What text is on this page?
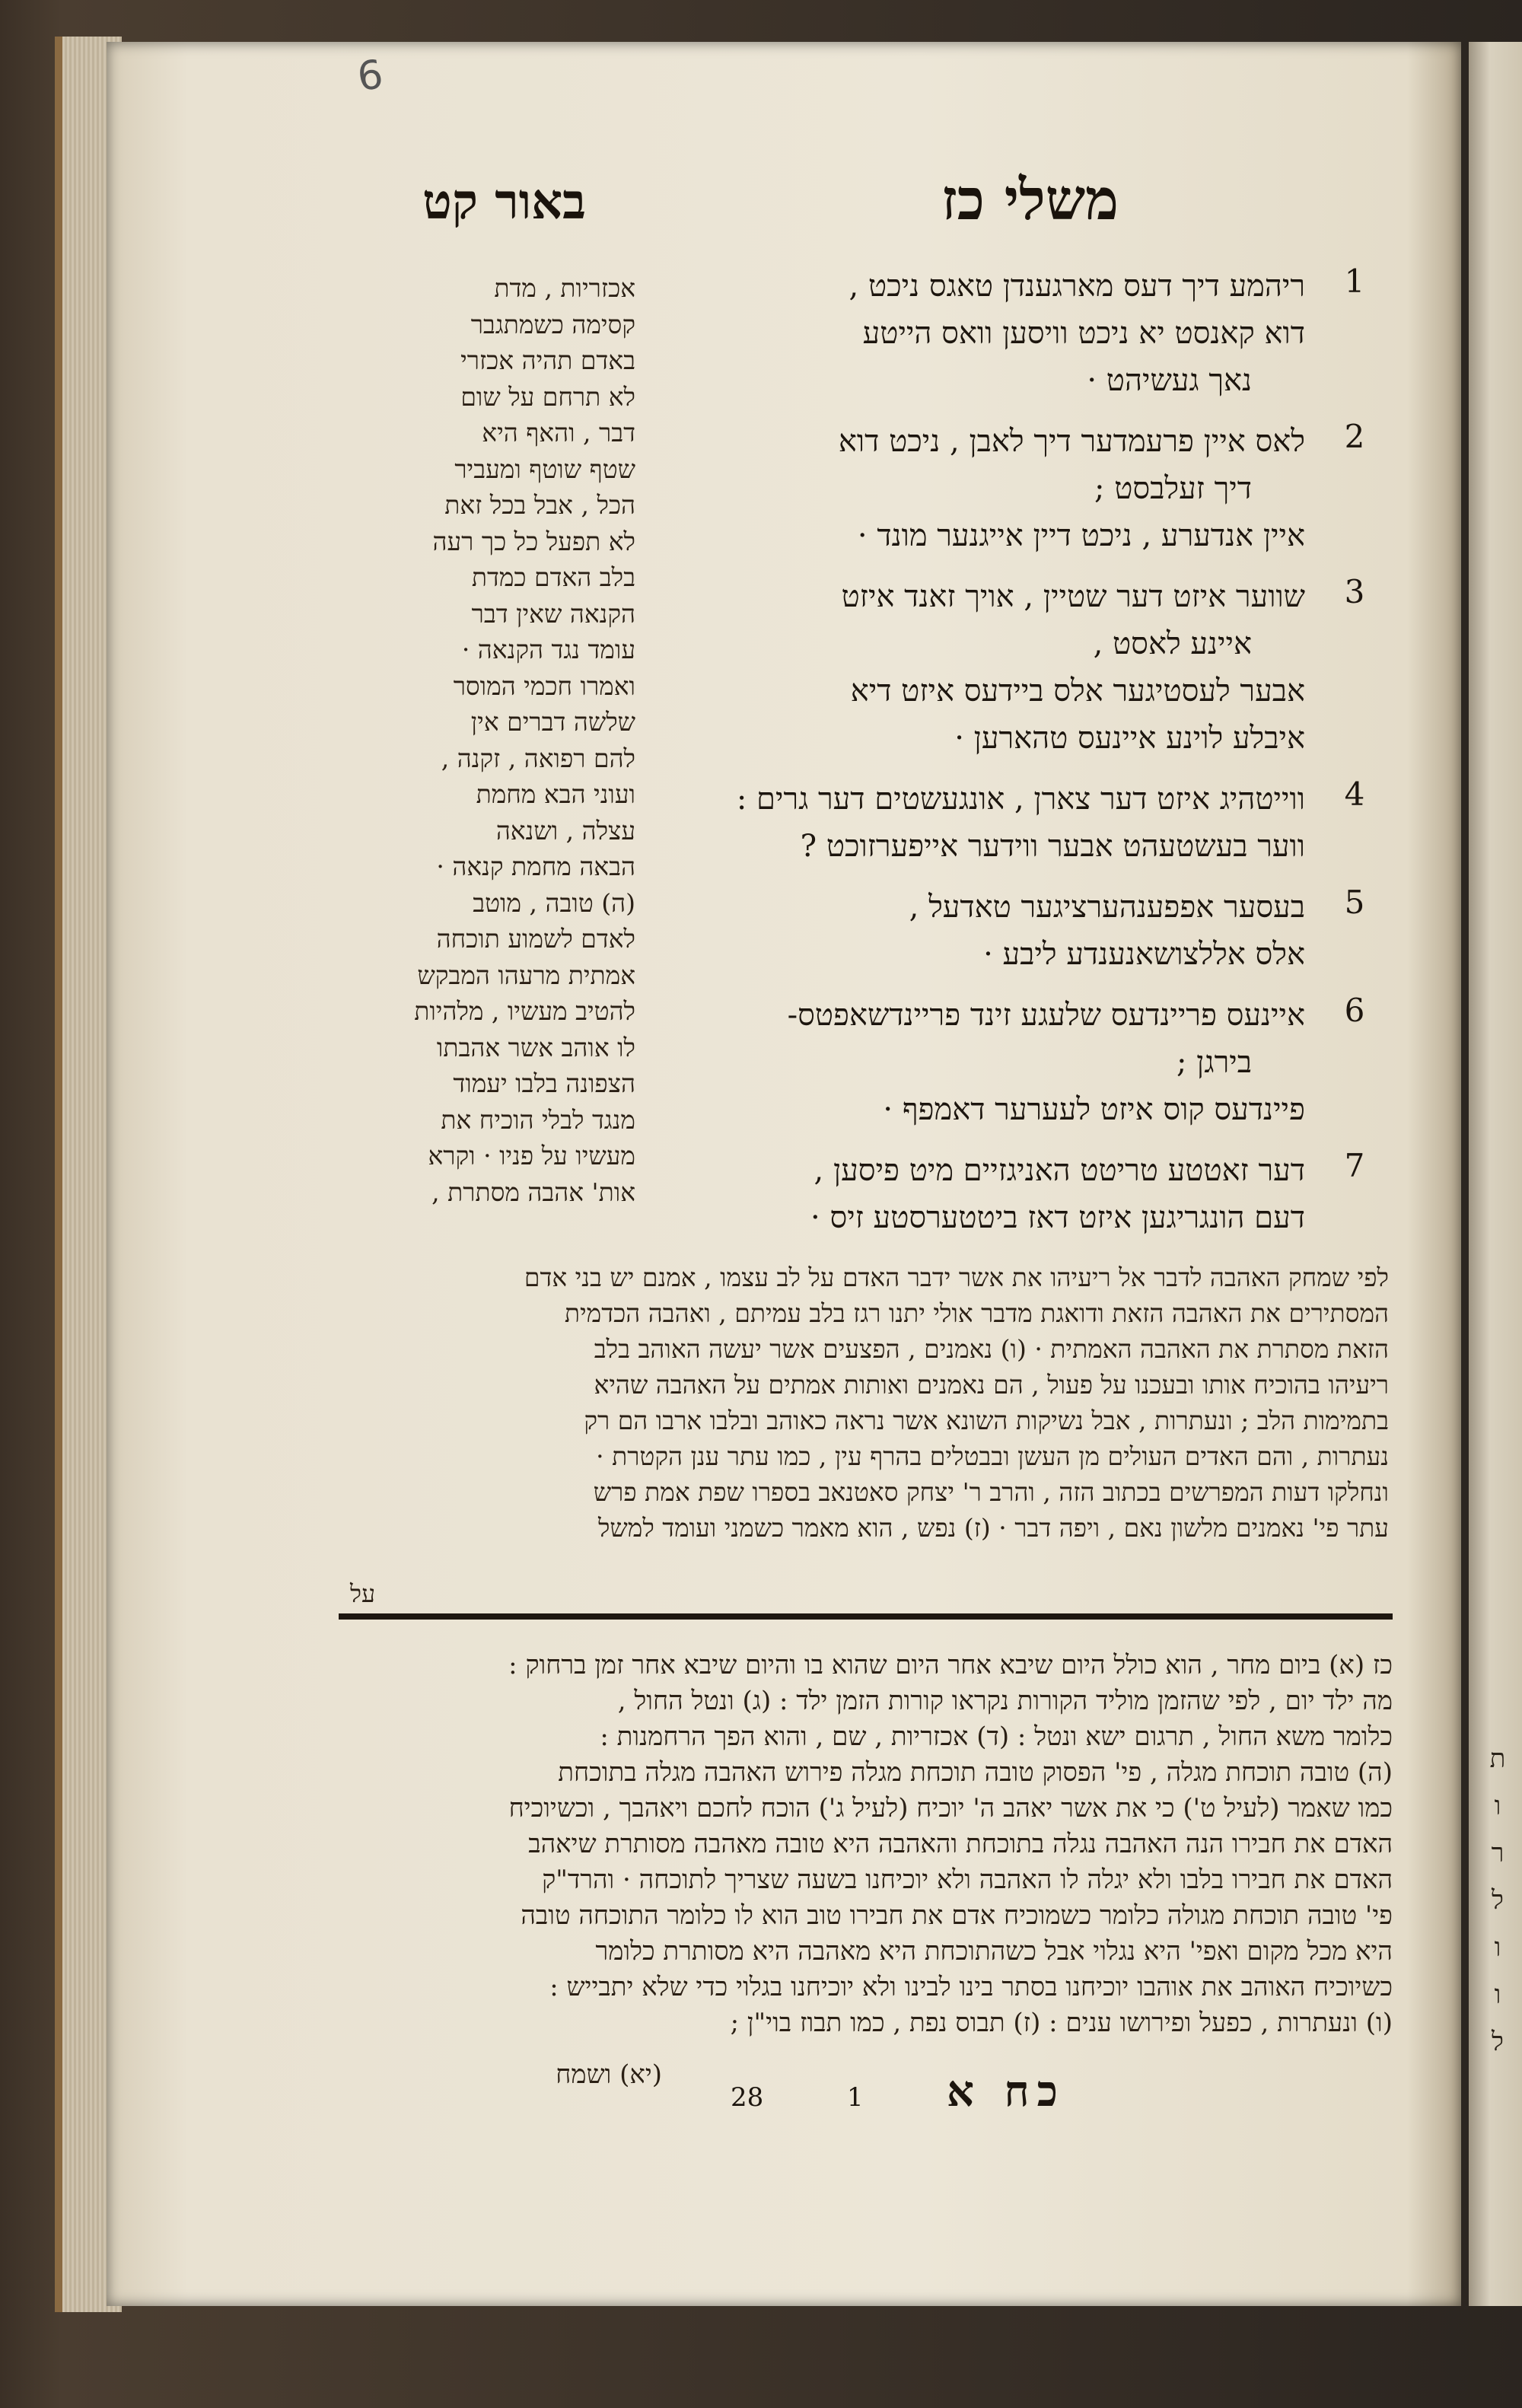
ת
ו
ר
ל
ו
ו
ל
6
משלי כז
באור קט
1
ריהמע דיך דעס מארגענדן טאגס ניכט ,
דוא קאנסט יא ניכט וויסען וואס הייטע
נאך געשיהט ·
2
לאס איין פרעמדער דיך לאבן , ניכט דוא
דיך זעלבסט ;
איין אנדערע , ניכט דיין אייגנער מונד ·
3
שווער איזט דער שטיין , אויך זאנד איזט
איינע לאסט ,
אבער לעסטיגער אלס ביידעס איזט דיא
איבלע לוינע איינעס טהארען ·
4
ווייטהיג איזט דער צארן , אונגעשטים דער גרים :
ווער בעשטעהט אבער ווידער אייפערזוכט ?
5
בעסער אפפענהערציגער טאדעל ,
אלס אללצושאנענדע ליבע ·
6
איינעס פריינדעס שלעגע זינד פריינדשאפטס-
בירגן ;
פיינדעס קוס איזט לעערער דאמפף ·
7
דער זאטטע טריטט האניגזיים מיט פיסען ,
דעם הונגריגען איזט דאז ביטטערסטע זיס ·
אכזריות , מדת
קסימה כשמתגבר
באדם תהיה אכזרי
לא תרחם על שום
דבר , והאף היא
שטף שוטף ומעביר
הכל , אבל בכל זאת
לא תפעל כל כך רעה
בלב האדם כמדת
הקנאה שאין דבר
עומד נגד הקנאה ·
ואמרו חכמי המוסר
שלשה דברים אין
להם רפואה , זקנה ,
ועוני הבא מחמת
עצלה , ושנאה
הבאה מחמת קנאה ·
(ה) טובה , מוטב
לאדם לשמוע תוכחה
אמתית מרעהו המבקש
להטיב מעשיו , מלהיות
לו אוהב אשר אהבתו
הצפונה בלבו יעמוד
מנגד לבלי הוכיח את
מעשיו על פניו · וקרא
אות' אהבה מסתרת ,
לפי שמחק האהבה לדבר אל ריעיהו את אשר ידבר האדם על לב עצמו , אמנם יש בני אדם
המסתירים את האהבה הזאת ודואגת מדבר אולי יתנו רגז בלב עמיתם , ואהבה הכדמית
הזאת מסתרת את האהבה האמתית · (ו) נאמנים , הפצעים אשר יעשה האוהב בלב
ריעיהו בהוכיח אותו ובעכנו על פעול , הם נאמנים ואותות אמתים על האהבה שהיא
בתמימות הלב ; ונעתרות , אבל נשיקות השונא אשר נראה כאוהב ובלבו ארבו הם רק
נעתרות , והם האדים העולים מן העשן ובבטלים בהרף עין , כמו עתר ענן הקטרת ·
ונחלקו דעות המפרשים בכתוב הזה , והרב ר' יצחק סאטנאב בספרו שפת אמת פרש
עתר פי' נאמנים מלשון נאם , ויפה דבר · (ז) נפש , הוא מאמר כשמני ועומד למשל
על
כז (א) ביום מחר , הוא כולל היום שיבא אחר היום שהוא בו והיום שיבא אחר זמן ברחוק :
מה ילד יום , לפי שהזמן מוליד הקורות נקראו קורות הזמן ילד : (ג) ונטל החול ,
כלומר משא החול , תרגום ישא ונטל : (ד) אכזריות , שם , והוא הפך הרחמנות :
(ה) טובה תוכחת מגלה , פי' הפסוק טובה תוכחת מגלה פירוש האהבה מגלה בתוכחת
כמו שאמר (לעיל ט') כי את אשר יאהב ה' יוכיח (לעיל ג') הוכח לחכם ויאהבך , וכשיוכיח
האדם את חבירו הנה האהבה נגלה בתוכחת והאהבה היא טובה מאהבה מסותרת שיאהב
האדם את חבירו בלבו ולא יגלה לו האהבה ולא יוכיחנו בשעה שצריך לתוכחה · והרד"ק
פי' טובה תוכחת מגולה כלומר כשמוכיח אדם את חבירו טוב הוא לו כלומר התוכחה טובה
היא מכל מקום ואפי' היא נגלוי אבל כשהתוכחת היא מאהבה היא מסותרת כלומר
כשיוכיח האוהב את אוהבו יוכיחנו בסתר בינו לבינו ולא יוכיחנו בגלוי כדי שלא יתבייש :
(ו) ונעתרות , כפעל ופירושו ענים : (ז) תבוס נפת , כמו תבוז בוי"ן ;
כח א
1
28
(יא) ושמח
